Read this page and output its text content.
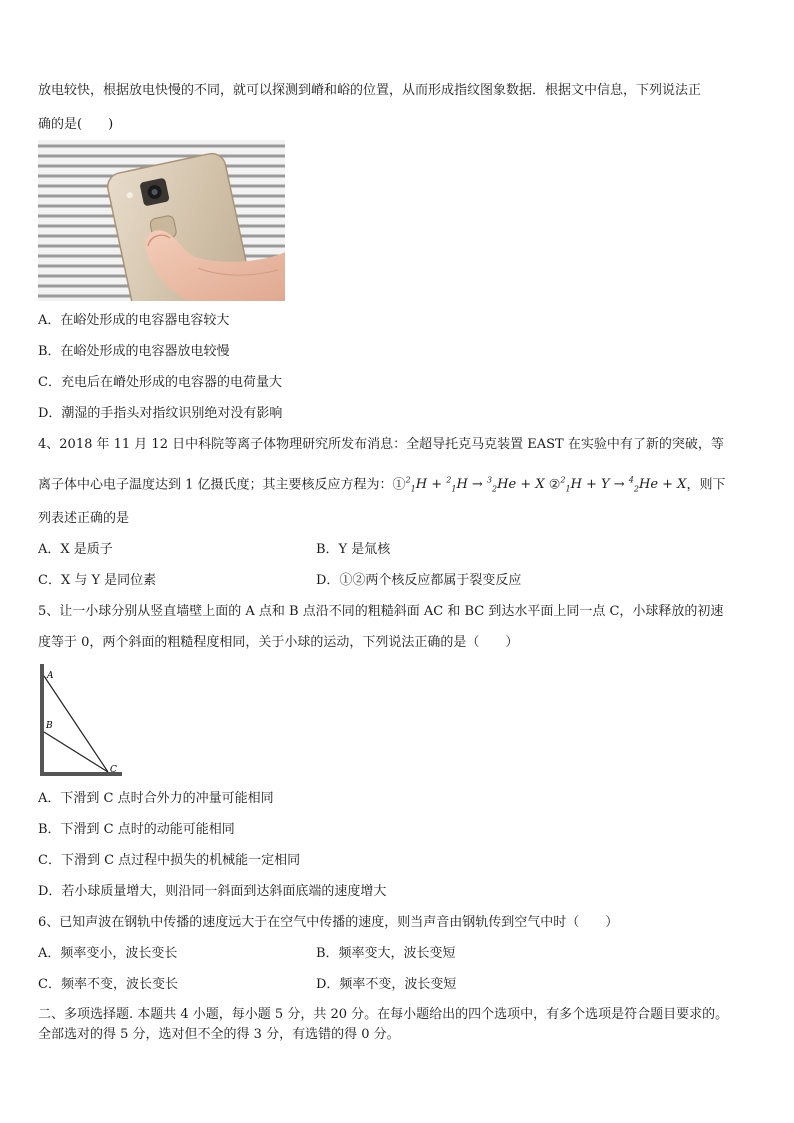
放电较快，根据放电快慢的不同，就可以探测到嵴和峪的位置，从而形成指纹图象数据．根据文中信息，下列说法正
确的是(　　)
A．在峪处形成的电容器电容较大
B．在峪处形成的电容器放电较慢
C．充电后在嵴处形成的电容器的电荷量大
D．潮湿的手指头对指纹识别绝对没有影响
4、2018 年 11 月 12 日中科院等离子体物理研究所发布消息：全超导托克马克装置 EAST 在实验中有了新的突破，等
离子体中心电子温度达到 1 亿摄氏度；其主要核反应方程为：①$^2_1$H + $^2_1$H → $^3_2$He + X ②$^2_1$H + Y → $^4_2$He + X，则下
列表述正确的是
A．X 是质子	B．Y 是氚核
C．X 与 Y 是同位素	D．①②两个核反应都属于裂变反应
5、让一小球分别从竖直墙壁上面的 A 点和 B 点沿不同的粗糙斜面 AC 和 BC 到达水平面上同一点 C，小球释放的初速
度等于 0，两个斜面的粗糙程度相同，关于小球的运动，下列说法正确的是（　　）
A
B
C
A．下滑到 C 点时合外力的冲量可能相同
B．下滑到 C 点时的动能可能相同
C．下滑到 C 点过程中损失的机械能一定相同
D．若小球质量增大，则沿同一斜面到达斜面底端的速度增大
6、已知声波在钢轨中传播的速度远大于在空气中传播的速度，则当声音由钢轨传到空气中时（　　）
A．频率变小，波长变长	B．频率变大，波长变短
C．频率不变，波长变长	D．频率不变，波长变短
二、多项选择题. 本题共 4 小题，每小题 5 分，共 20 分。在每小题给出的四个选项中，有多个选项是符合题目要求的。
全部选对的得 5 分，选对但不全的得 3 分，有选错的得 0 分。
